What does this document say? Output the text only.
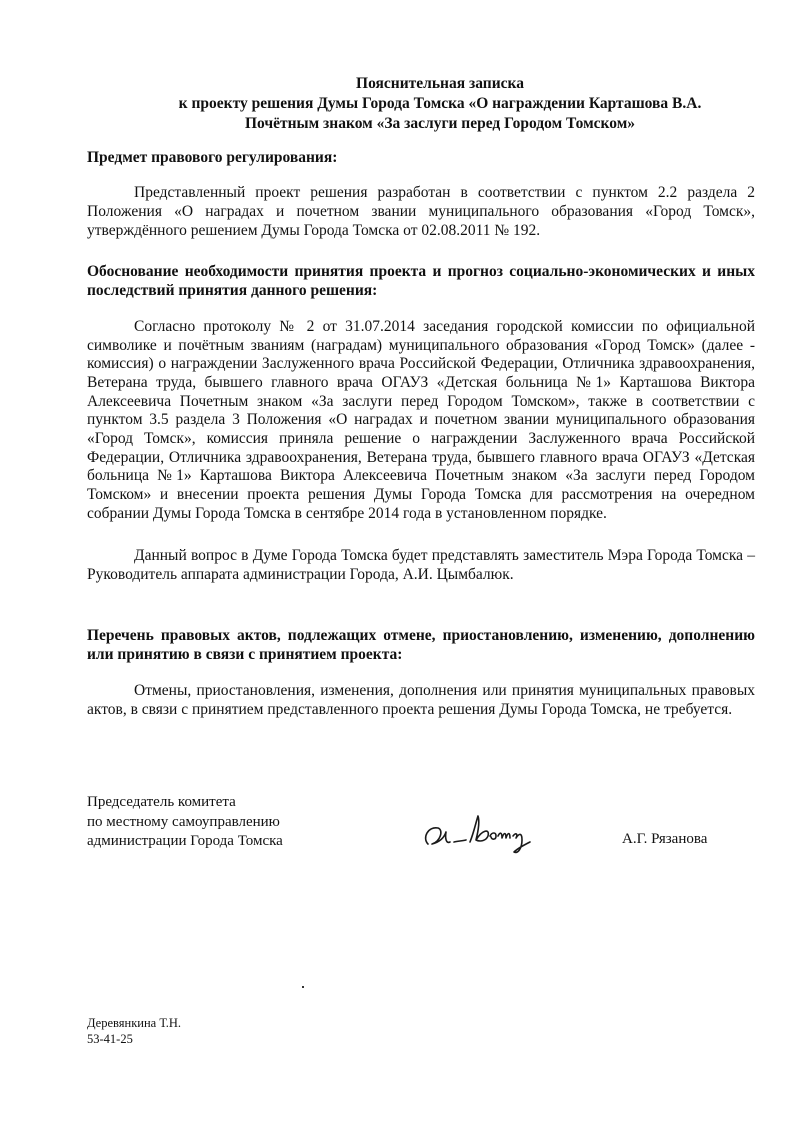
Пояснительная записка
к проекту решения Думы Города Томска «О награждении Карташова В.А.
Почётным знаком «За заслуги перед Городом Томском»
Предмет правового регулирования:
Представленный проект решения разработан в соответствии с пунктом 2.2 раздела 2 Положения «О наградах и почетном звании муниципального образования «Город Томск», утверждённого решением Думы Города Томска от 02.08.2011 № 192.
Обоснование необходимости принятия проекта и прогноз социально-экономических и иных последствий принятия данного решения:
Согласно протоколу № 2 от 31.07.2014 заседания городской комиссии по официальной символике и почётным званиям (наградам) муниципального образования «Город Томск» (далее - комиссия) о награждении Заслуженного врача Российской Федерации, Отличника здравоохранения, Ветерана труда, бывшего главного врача ОГАУЗ «Детская больница №1» Карташова Виктора Алексеевича Почетным знаком «За заслуги перед Городом Томском», также в соответствии с пунктом 3.5 раздела 3 Положения «О наградах и почетном звании муниципального образования «Город Томск», комиссия приняла решение о награждении Заслуженного врача Российской Федерации, Отличника здравоохранения, Ветерана труда, бывшего главного врача ОГАУЗ «Детская больница №1» Карташова Виктора Алексеевича Почетным знаком «За заслуги перед Городом Томском» и внесении проекта решения Думы Города Томска для рассмотрения на очередном собрании Думы Города Томска в сентябре 2014 года в установленном порядке.
Данный вопрос в Думе Города Томска будет представлять заместитель Мэра Города Томска – Руководитель аппарата администрации Города, А.И. Цымбалюк.
Перечень правовых актов, подлежащих отмене, приостановлению, изменению, дополнению или принятию в связи с принятием проекта:
Отмены, приостановления, изменения, дополнения или принятия муниципальных правовых актов, в связи с принятием представленного проекта решения Думы Города Томска, не требуется.
Председатель комитета
по местному самоуправлению
администрации Города Томска	А.Г. Рязанова
Деревянкина Т.Н.
53-41-25
